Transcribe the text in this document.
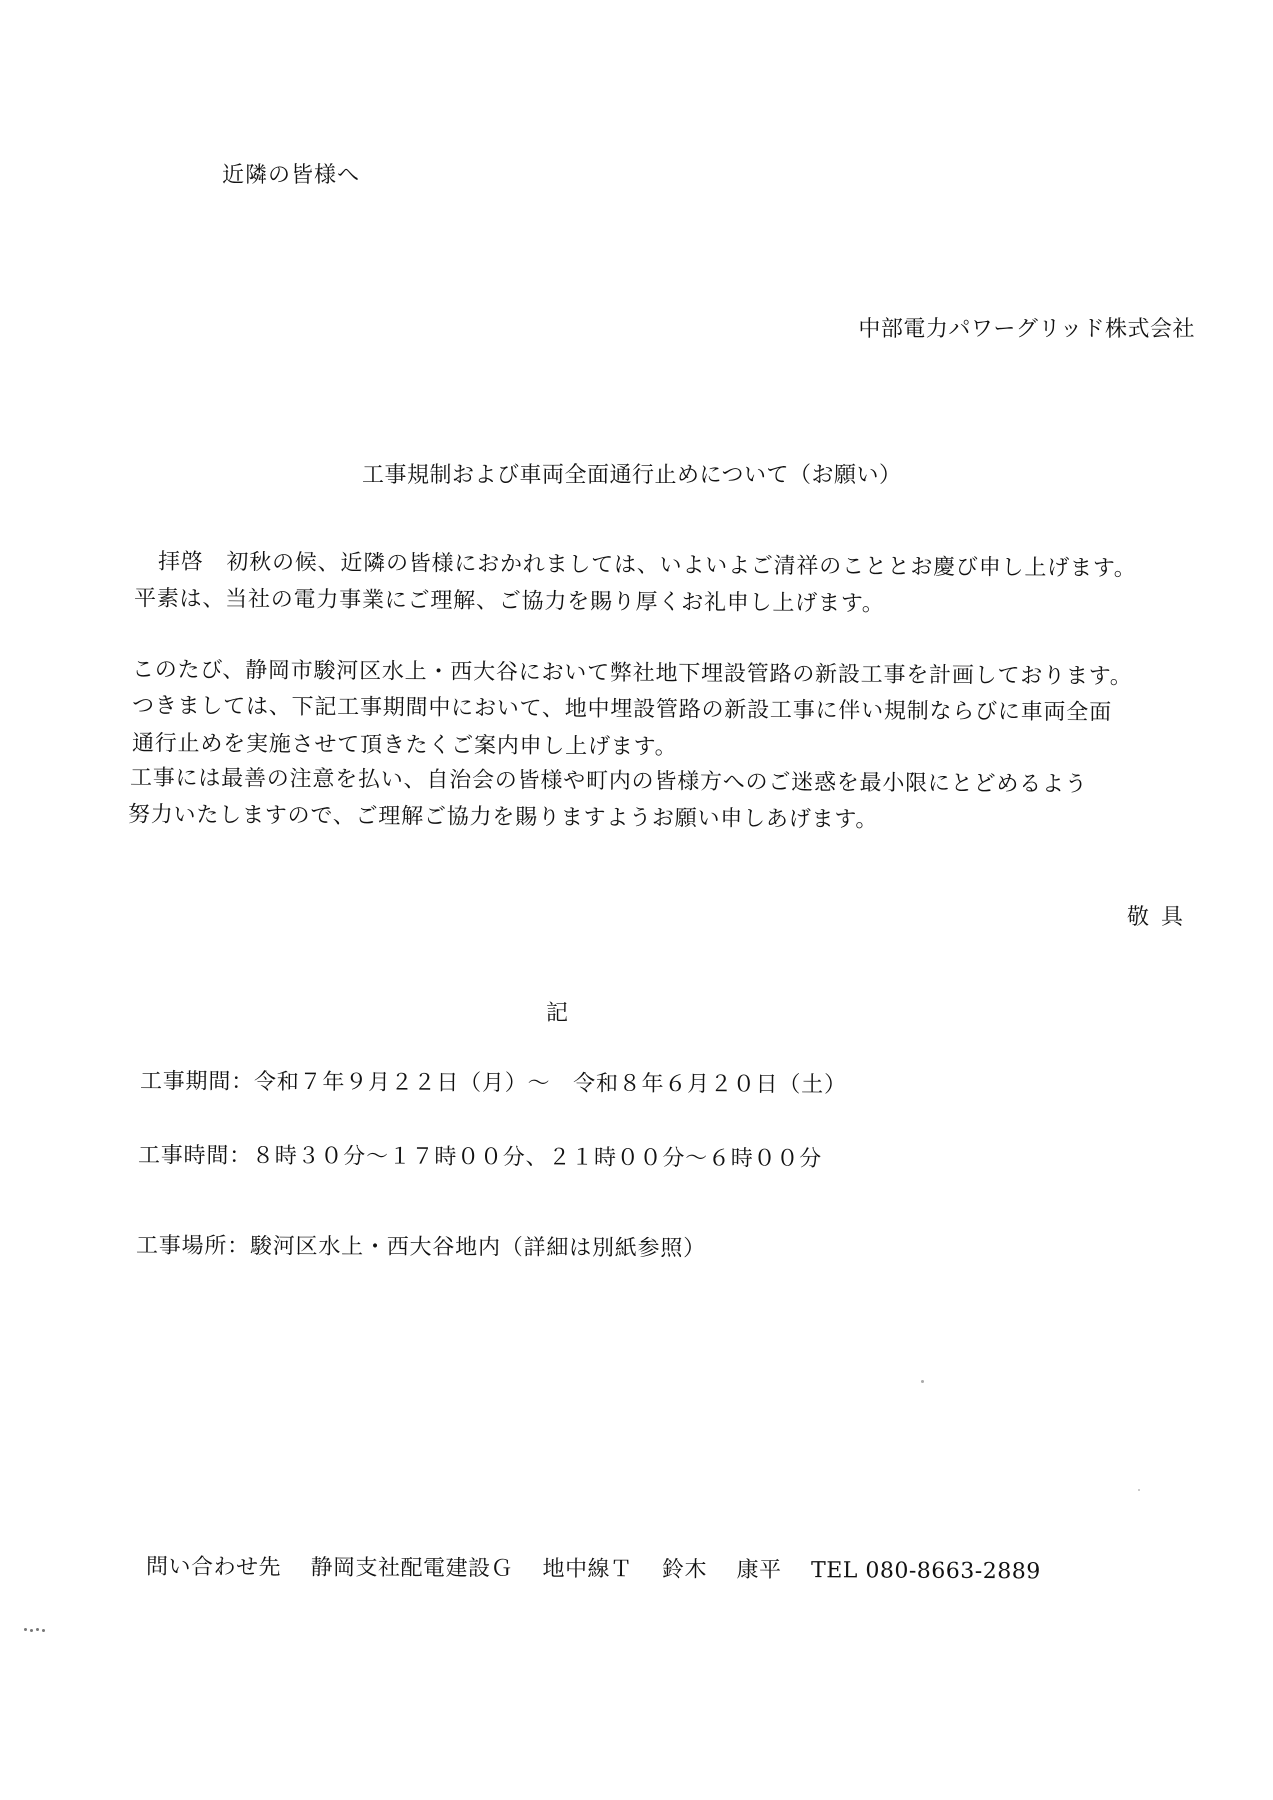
近隣の皆様へ
中部電力パワーグリッド株式会社
工事規制および車両全面通行止めについて（お願い）
拝啓　初秋の候、近隣の皆様におかれましては、いよいよご清祥のこととお慶び申し上げます。
平素は、当社の電力事業にご理解、ご協力を賜り厚くお礼申し上げます。
このたび、静岡市駿河区水上・西大谷において弊社地下埋設管路の新設工事を計画しております。
つきましては、下記工事期間中において、地中埋設管路の新設工事に伴い規制ならびに車両全面
通行止めを実施させて頂きたくご案内申し上げます。
工事には最善の注意を払い、自治会の皆様や町内の皆様方へのご迷惑を最小限にとどめるよう
努力いたしますので、ご理解ご協力を賜りますようお願い申しあげます。
敬具
記
工事期間：令和７年９月２２日（月）～　令和８年６月２０日（土）
工事時間：８時３０分～１７時００分、２１時００分～６時００分
工事場所：駿河区水上・西大谷地内（詳細は別紙参照）
問い合わせ先 静岡支社配電建設Ｇ 地中線Ｔ 鈴木 康平 TEL 080-8663-2889
